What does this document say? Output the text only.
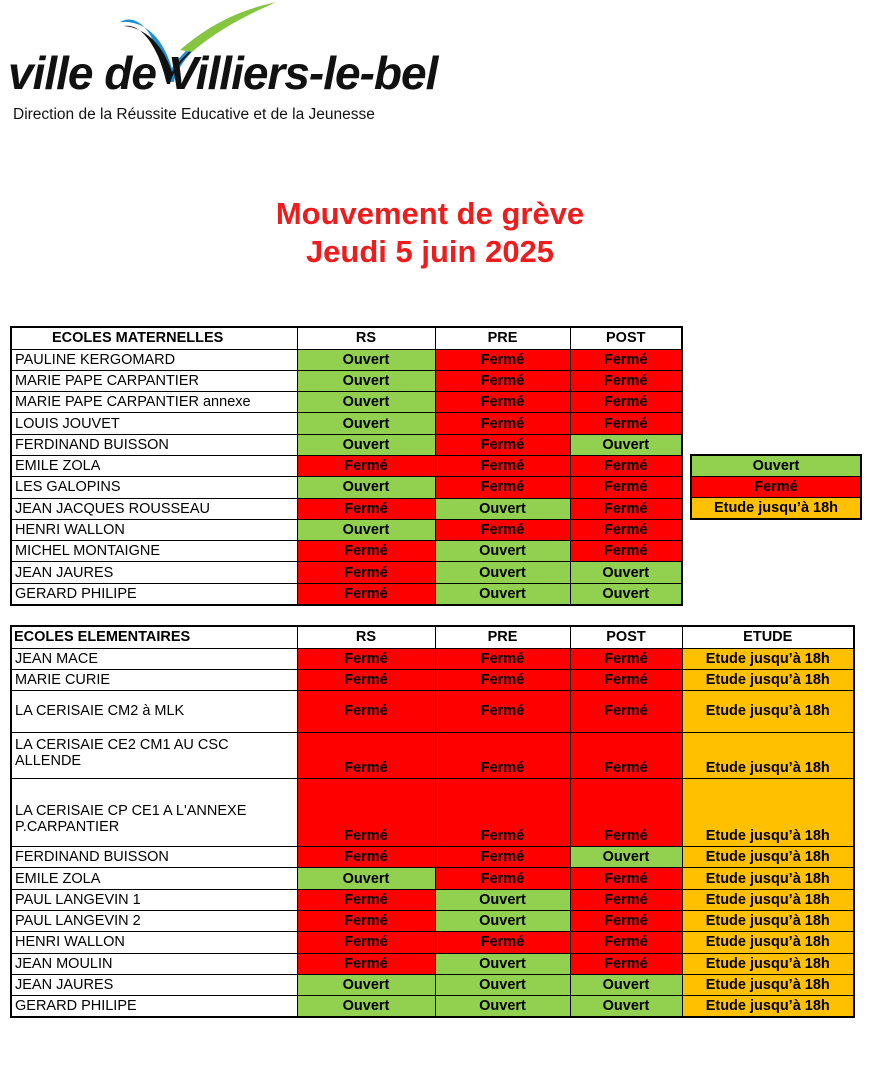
ville de Villiers-le-bel
Direction de la Réussite Educative et de la Jeunesse
Mouvement de grève
Jeudi 5 juin 2025
ECOLES MATERNELLES	RS	PRE	POST

PAULINE KERGOMARD	Ouvert	Fermé	Fermé

MARIE PAPE CARPANTIER	Ouvert	Fermé	Fermé

MARIE PAPE CARPANTIER annexe	Ouvert	Fermé	Fermé

LOUIS JOUVET	Ouvert	Fermé	Fermé

FERDINAND BUISSON	Ouvert	Fermé	Ouvert

EMILE ZOLA	Fermé	Fermé	Fermé

LES GALOPINS	Ouvert	Fermé	Fermé

JEAN JACQUES ROUSSEAU	Fermé	Ouvert	Fermé

HENRI WALLON	Ouvert	Fermé	Fermé

MICHEL MONTAIGNE	Fermé	Ouvert	Fermé

JEAN JAURES	Fermé	Ouvert	Ouvert

GERARD PHILIPE	Fermé	Ouvert	Ouvert
Ouvert
Fermé
Etude jusqu’à 18h
ECOLES ELEMENTAIRES	RS	PRE	POST	ETUDE

JEAN MACE	Fermé	Fermé	Fermé	Etude jusqu’à 18h

MARIE CURIE	Fermé	Fermé	Fermé	Etude jusqu’à 18h

LA CERISAIE CM2 à MLK	Fermé	Fermé	Fermé	Etude jusqu’à 18h

LA CERISAIE CE2 CM1 AU CSC
ALLENDE	Fermé	Fermé	Fermé	Etude jusqu’à 18h

LA CERISAIE CP CE1 A L'ANNEXE
P.CARPANTIER	Fermé	Fermé	Fermé	Etude jusqu’à 18h

FERDINAND BUISSON	Fermé	Fermé	Ouvert	Etude jusqu’à 18h

EMILE ZOLA	Ouvert	Fermé	Fermé	Etude jusqu’à 18h

PAUL LANGEVIN 1	Fermé	Ouvert	Fermé	Etude jusqu’à 18h

PAUL LANGEVIN 2	Fermé	Ouvert	Fermé	Etude jusqu’à 18h

HENRI WALLON	Fermé	Fermé	Fermé	Etude jusqu’à 18h

JEAN MOULIN	Fermé	Ouvert	Fermé	Etude jusqu’à 18h

JEAN JAURES	Ouvert	Ouvert	Ouvert	Etude jusqu’à 18h

GERARD PHILIPE	Ouvert	Ouvert	Ouvert	Etude jusqu’à 18h
